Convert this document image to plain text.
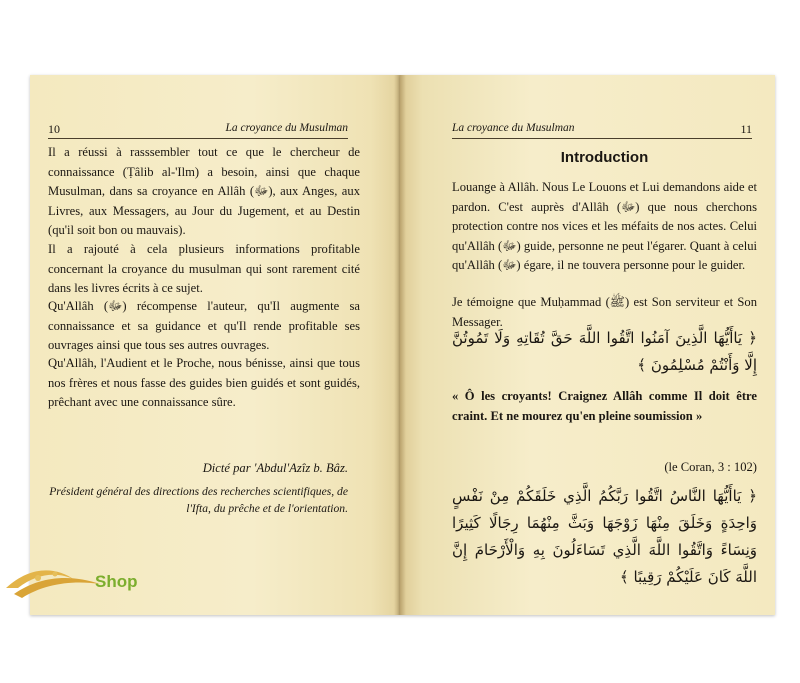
10	La croyance du Musulman
Il a réussi à rasssembler tout ce que le chercheur de connaissance (Ṭâlib al-'Ilm) a besoin, ainsi que chaque Musulman, dans sa croyance en Allâh (ﷻ), aux Anges, aux Livres, aux Messagers, au Jour du Jugement, et au Destin (qu'il soit bon ou mauvais).
Il a rajouté à cela plusieurs informations profitable concernant la croyance du musulman qui sont rarement cité dans les livres écrits à ce sujet.
Qu'Allâh (ﷻ) récompense l'auteur, qu'Il augmente sa connaissance et sa guidance et qu'Il rende profitable ses ouvrages ainsi que tous ses autres ouvrages.
Qu'Allâh, l'Audient et le Proche, nous bénisse, ainsi que tous nos frères et nous fasse des guides bien guidés et sont guidés, prêchant avec une connaissance sûre.
Dicté par 'Abdul'Azîz b. Bâz.
Président général des directions des recherches scientifiques, de l'Ifta, du prêche et de l'orientation.
La croyance du Musulman	11
Introduction
Louange à Allâh. Nous Le Louons et Lui demandons aide et pardon. C'est auprès d'Allâh (ﷻ) que nous cherchons protection contre nos vices et les méfaits de nos actes. Celui qu'Allâh (ﷻ) guide, personne ne peut l'égarer. Quant à celui qu'Allâh (ﷻ) égare, il ne touvera personne pour le guider.
Je témoigne que Muḥammad (ﷺ) est Son serviteur et Son Messager.
﴿ يَاأَيُّهَا الَّذِينَ آمَنُوا اتَّقُوا اللَّهَ حَقَّ تُقَاتِهِ وَلَا تَمُوتُنَّ إِلَّا وَأَنْتُمْ مُسْلِمُونَ ﴾
« Ô les croyants! Craignez Allâh comme Il doit être craint. Et ne mourez qu'en pleine soumission »
(le Coran, 3 : 102)
﴿ يَاأَيُّهَا النَّاسُ اتَّقُوا رَبَّكُمُ الَّذِي خَلَقَكُمْ مِنْ نَفْسٍ وَاحِدَةٍ وَخَلَقَ مِنْهَا زَوْجَهَا وَبَثَّ مِنْهُمَا رِجَالًا كَثِيرًا وَنِسَاءً وَاتَّقُوا اللَّهَ الَّذِي تَسَاءَلُونَ بِهِ وَالْأَرْحَامَ إِنَّ اللَّهَ كَانَ عَلَيْكُمْ رَقِيبًا ﴾
Shop
